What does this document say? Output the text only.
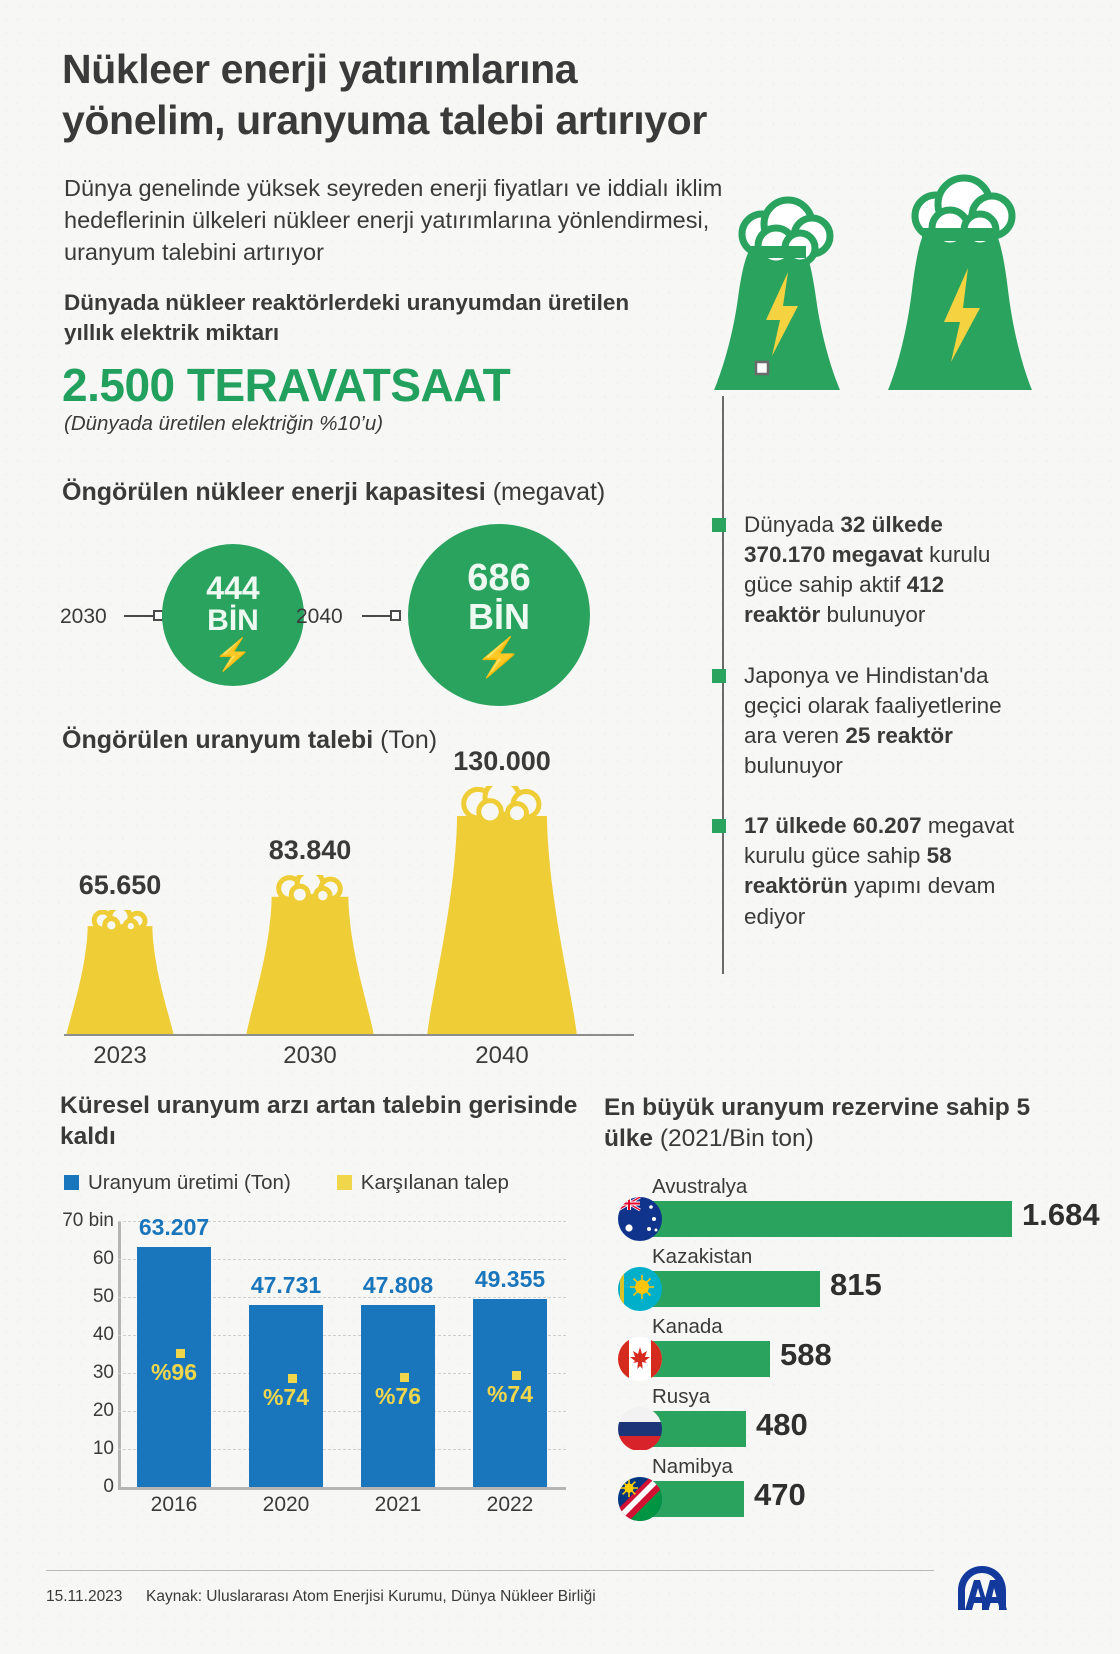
Nükleer enerji yatırımlarına yönelim, uranyuma talebi artırıyor

Dünya genelinde yüksek seyreden enerji fiyatları ve iddialı iklim hedeflerinin ülkeleri nükleer enerji yatırımlarına yönlendirmesi, uranyum talebini artırıyor

Dünyada nükleer reaktörlerdeki uranyumdan üretilen yıllık elektrik miktarı

2.500 TERAVATSAAT
(Dünyada üretilen elektriğin %10’u)
Dünyada 32 ülkede 370.170 megavat kurulu güce sahip aktif 412 reaktör bulunuyor
Japonya ve Hindistan'da geçici olarak faaliyetlerine ara veren 25 reaktör bulunuyor
17 ülkede 60.207 megavat kurulu güce sahip 58 reaktörün yapımı devam ediyor
Öngörülen nükleer enerji kapasitesi (megavat)
2030
444
BİN
⚡
2040
686
BİN
⚡
Öngörülen uranyum talebi (Ton)
65.650
2023
83.840
2030
130.000
2040
Küresel uranyum arzı artan talebin gerisinde kaldı
Uranyum üretimi (Ton)	Karşılanan talep
70 bin
60
50
40
30
20
10
0
63.207
%96
2016
47.731
%74
2020
47.808
%76
2021
49.355
%74
2022
En büyük uranyum rezervine sahip 5 ülke (2021/Bin ton)
Avustralya
1.684
Kazakistan
815
Kanada
588
Rusya
480
Namibya
470
15.11.2023 Kaynak: Uluslararası Atom Enerjisi Kurumu, Dünya Nükleer Birliği
